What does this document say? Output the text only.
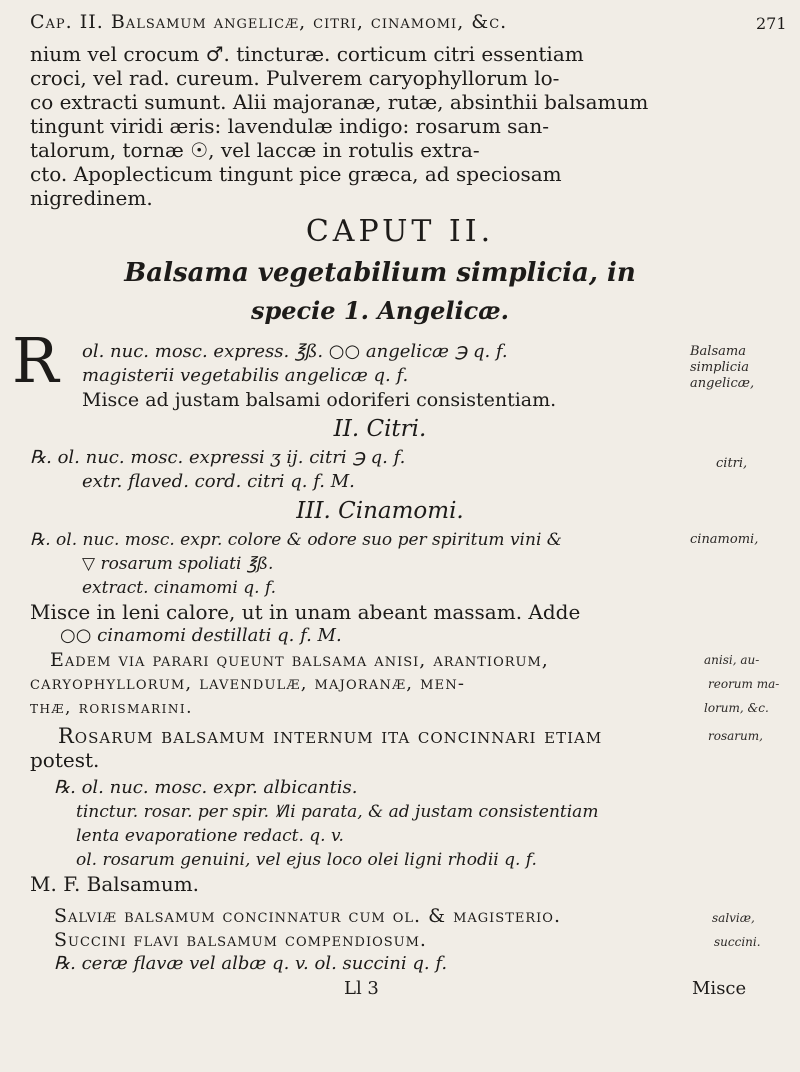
Cap. II. Balsamum angelicæ, citri, cinamomi, &c.	271
nium vel crocum ♂. tincturæ. corticum citri essentiam
croci, vel rad. cureum. Pulverem caryophyllorum lo-
co extracti sumunt. Alii majoranæ, rutæ, absinthii balsamum
tingunt viridi æris: lavendulæ indigo: rosarum san-
talorum, tornæ ☉, vel laccæ in rotulis extra-
cto. Apoplecticum tingunt pice græca, ad speciosam
nigredinem.
CAPUT II.
Balsama vegetabilium simplicia, in
specie 1. Angelicæ.
R ol. nuc. mosc. express. ℥ß. ○○ angelicæ ℈ q. f.
magisterii vegetabilis angelicæ q. f.
Misce ad justam balsami odoriferi consistentiam.
II. Citri.
℞. ol. nuc. mosc. expressi ʒ ij. citri ℈ q. f.
extr. flaved. cord. citri q. f. M.
III. Cinamomi.
℞. ol. nuc. mosc. expr. colore & odore suo per spiritum vini &
▽ rosarum spoliati ℥ß.
extract. cinamomi q. f.
Misce in leni calore, ut in unam abeant massam. Adde
○○ cinamomi destillati q. f. M.
Eadem via parari queunt balsama anisi, arantiorum,
caryophyllorum, lavendulæ, majoranæ, men-
thæ, rorismarini.
Rosarum balsamum internum ita concinnari etiam
potest.
℞. ol. nuc. mosc. expr. albicantis.
tinctur. rosar. per spir. Ꝟli parata, & ad justam consistentiam
lenta evaporatione redact. q. v.
ol. rosarum genuini, vel ejus loco olei ligni rhodii q. f.
M. F. Balsamum.
Salviæ balsamum concinnatur cum ol. & magisterio.
Succini flavi balsamum compendiosum.
℞. ceræ flavæ vel albæ q. v. ol. succini q. f.
Ll 3	Misce
Balsama
simplicia
angelicæ,
citri,
cinamomi,
anisi, au-
reorum ma-
lorum, &c.
rosarum,
salviæ,
succini.
